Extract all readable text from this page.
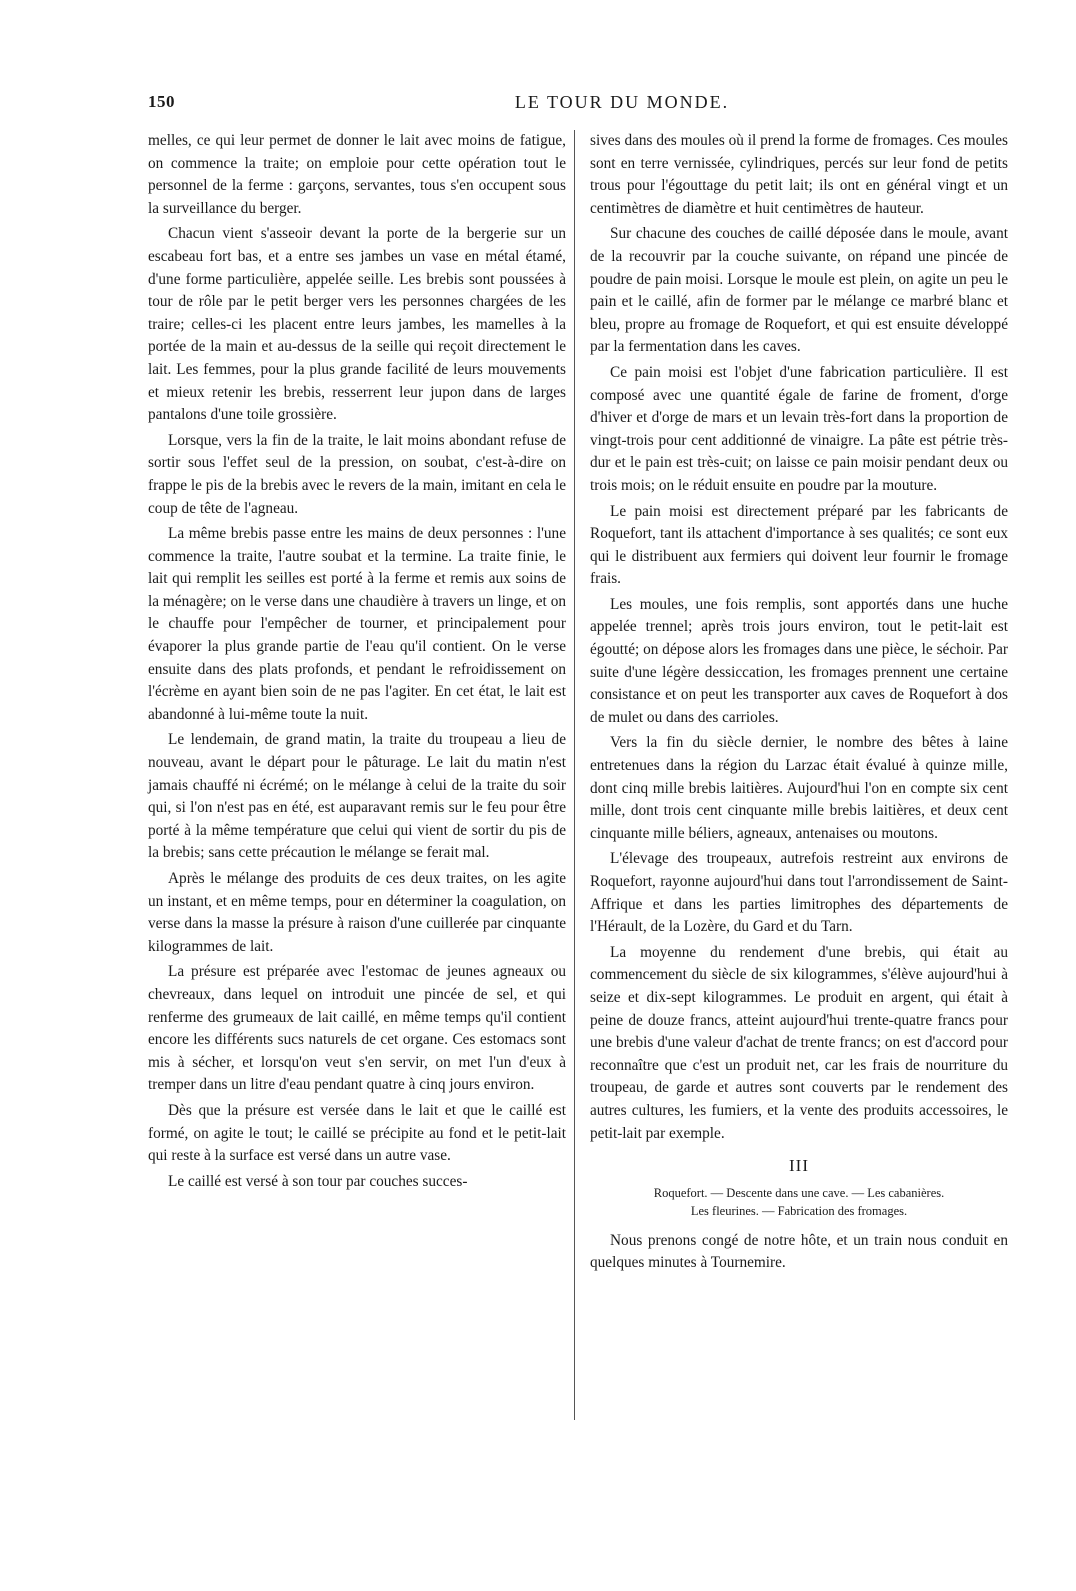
150	LE TOUR DU MONDE.

melles, ce qui leur permet de donner le lait avec moins de fatigue, on commence la traite; on emploie pour cette opération tout le personnel de la ferme : garçons, servantes, tous s'en occupent sous la surveillance du berger.

Chacun vient s'asseoir devant la porte de la bergerie sur un escabeau fort bas, et a entre ses jambes un vase en métal étamé, d'une forme particulière, appelée seille. Les brebis sont poussées à tour de rôle par le petit berger vers les personnes chargées de les traire; celles-ci les placent entre leurs jambes, les mamelles à la portée de la main et au-dessus de la seille qui reçoit directement le lait. Les femmes, pour la plus grande facilité de leurs mouvements et mieux retenir les brebis, resserrent leur jupon dans de larges pantalons d'une toile grossière.

Lorsque, vers la fin de la traite, le lait moins abondant refuse de sortir sous l'effet seul de la pression, on soubat, c'est-à-dire on frappe le pis de la brebis avec le revers de la main, imitant en cela le coup de tête de l'agneau.

La même brebis passe entre les mains de deux personnes : l'une commence la traite, l'autre soubat et la termine. La traite finie, le lait qui remplit les seilles est porté à la ferme et remis aux soins de la ménagère; on le verse dans une chaudière à travers un linge, et on le chauffe pour l'empêcher de tourner, et principalement pour évaporer la plus grande partie de l'eau qu'il contient. On le verse ensuite dans des plats profonds, et pendant le refroidissement on l'écrème en ayant bien soin de ne pas l'agiter. En cet état, le lait est abandonné à lui-même toute la nuit.

Le lendemain, de grand matin, la traite du troupeau a lieu de nouveau, avant le départ pour le pâturage. Le lait du matin n'est jamais chauffé ni écrémé; on le mélange à celui de la traite du soir qui, si l'on n'est pas en été, est auparavant remis sur le feu pour être porté à la même température que celui qui vient de sortir du pis de la brebis; sans cette précaution le mélange se ferait mal.

Après le mélange des produits de ces deux traites, on les agite un instant, et en même temps, pour en déterminer la coagulation, on verse dans la masse la présure à raison d'une cuillerée par cinquante kilogrammes de lait.

La présure est préparée avec l'estomac de jeunes agneaux ou chevreaux, dans lequel on introduit une pincée de sel, et qui renferme des grumeaux de lait caillé, en même temps qu'il contient encore les différents sucs naturels de cet organe. Ces estomacs sont mis à sécher, et lorsqu'on veut s'en servir, on met l'un d'eux à tremper dans un litre d'eau pendant quatre à cinq jours environ.

Dès que la présure est versée dans le lait et que le caillé est formé, on agite le tout; le caillé se précipite au fond et le petit-lait qui reste à la surface est versé dans un autre vase.

Le caillé est versé à son tour par couches succes-

sives dans des moules où il prend la forme de fromages. Ces moules sont en terre vernissée, cylindriques, percés sur leur fond de petits trous pour l'égouttage du petit lait; ils ont en général vingt et un centimètres de diamètre et huit centimètres de hauteur.

Sur chacune des couches de caillé déposée dans le moule, avant de la recouvrir par la couche suivante, on répand une pincée de poudre de pain moisi. Lorsque le moule est plein, on agite un peu le pain et le caillé, afin de former par le mélange ce marbré blanc et bleu, propre au fromage de Roquefort, et qui est ensuite développé par la fermentation dans les caves.

Ce pain moisi est l'objet d'une fabrication particulière. Il est composé avec une quantité égale de farine de froment, d'orge d'hiver et d'orge de mars et un levain très-fort dans la proportion de vingt-trois pour cent additionné de vinaigre. La pâte est pétrie très-dur et le pain est très-cuit; on laisse ce pain moisir pendant deux ou trois mois; on le réduit ensuite en poudre par la mouture.

Le pain moisi est directement préparé par les fabricants de Roquefort, tant ils attachent d'importance à ses qualités; ce sont eux qui le distribuent aux fermiers qui doivent leur fournir le fromage frais.

Les moules, une fois remplis, sont apportés dans une huche appelée trennel; après trois jours environ, tout le petit-lait est égoutté; on dépose alors les fromages dans une pièce, le séchoir. Par suite d'une légère dessiccation, les fromages prennent une certaine consistance et on peut les transporter aux caves de Roquefort à dos de mulet ou dans des carrioles.

Vers la fin du siècle dernier, le nombre des bêtes à laine entretenues dans la région du Larzac était évalué à quinze mille, dont cinq mille brebis laitières. Aujourd'hui l'on en compte six cent mille, dont trois cent cinquante mille brebis laitières, et deux cent cinquante mille béliers, agneaux, antenaises ou moutons.

L'élevage des troupeaux, autrefois restreint aux environs de Roquefort, rayonne aujourd'hui dans tout l'arrondissement de Saint-Affrique et dans les parties limitrophes des départements de l'Hérault, de la Lozère, du Gard et du Tarn.

La moyenne du rendement d'une brebis, qui était au commencement du siècle de six kilogrammes, s'élève aujourd'hui à seize et dix-sept kilogrammes. Le produit en argent, qui était à peine de douze francs, atteint aujourd'hui trente-quatre francs pour une brebis d'une valeur d'achat de trente francs; on est d'accord pour reconnaître que c'est un produit net, car les frais de nourriture du troupeau, de garde et autres sont couverts par le rendement des autres cultures, les fumiers, et la vente des produits accessoires, le petit-lait par exemple.

III
Roquefort. — Descente dans une cave. — Les cabanières.
Les fleurines. — Fabrication des fromages.

Nous prenons congé de notre hôte, et un train nous conduit en quelques minutes à Tournemire.
